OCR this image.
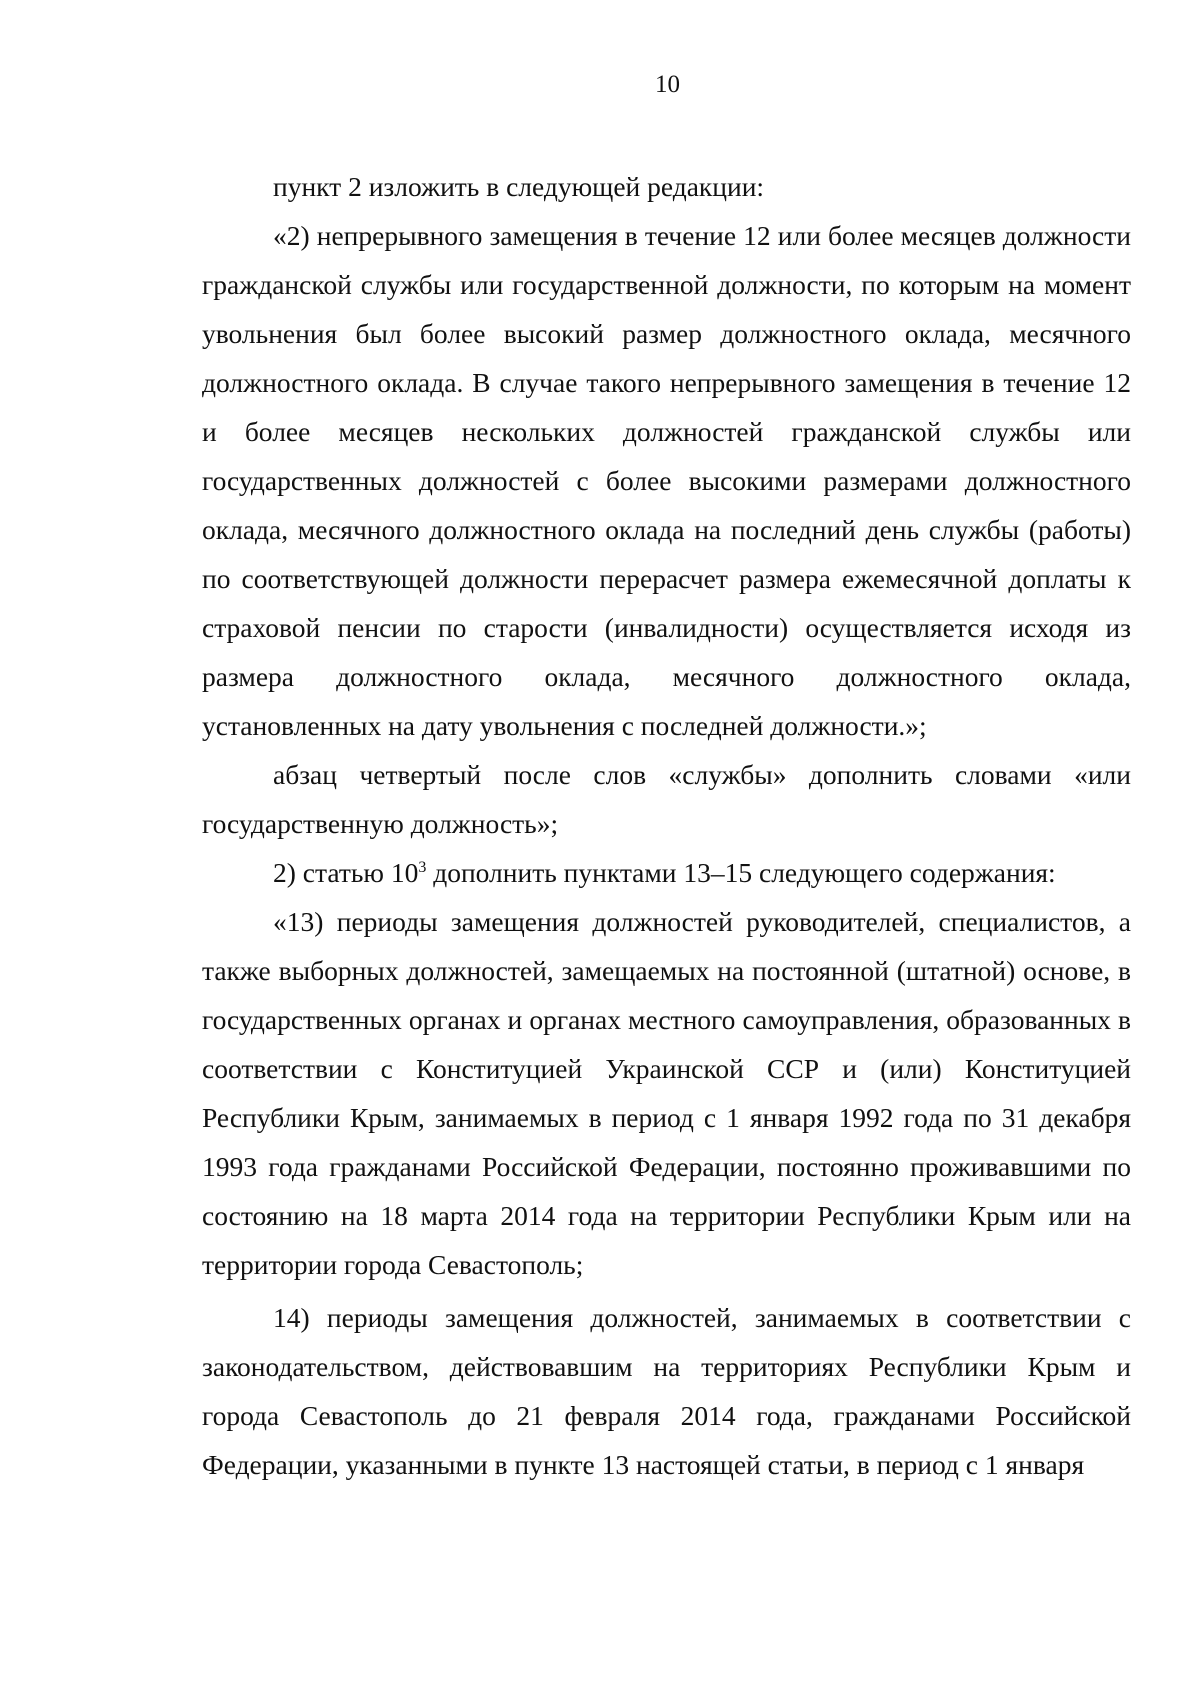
10

пункт 2 изложить в следующей редакции:

«2) непрерывного замещения в течение 12 или более месяцев должности гражданской службы или государственной должности, по которым на момент увольнения был более высокий размер должностного оклада, месячного должностного оклада. В случае такого непрерывного замещения в течение 12 и более месяцев нескольких должностей гражданской службы или государственных должностей с более высокими размерами должностного оклада, месячного должностного оклада на последний день службы (работы) по соответствующей должности перерасчет размера ежемесячной доплаты к страховой пенсии по старости (инвалидности) осуществляется исходя из размера должностного оклада, месячного должностного оклада, установленных на дату увольнения с последней должности.»;

абзац четвертый после слов «службы» дополнить словами «или государственную должность»;

2) статью $10^3$ дополнить пунктами 13–15 следующего содержания:

«13) периоды замещения должностей руководителей, специалистов, а также выборных должностей, замещаемых на постоянной (штатной) основе, в государственных органах и органах местного самоуправления, образованных в соответствии с Конституцией Украинской ССР и (или) Конституцией Республики Крым, занимаемых в период с 1 января 1992 года по 31 декабря 1993 года гражданами Российской Федерации, постоянно проживавшими по состоянию на 18 марта 2014 года на территории Республики Крым или на территории города Севастополь;

14) периоды замещения должностей, занимаемых в соответствии с законодательством, действовавшим на территориях Республики Крым и города Севастополь до 21 февраля 2014 года, гражданами Российской Федерации, указанными в пункте 13 настоящей статьи, в период с 1 января
